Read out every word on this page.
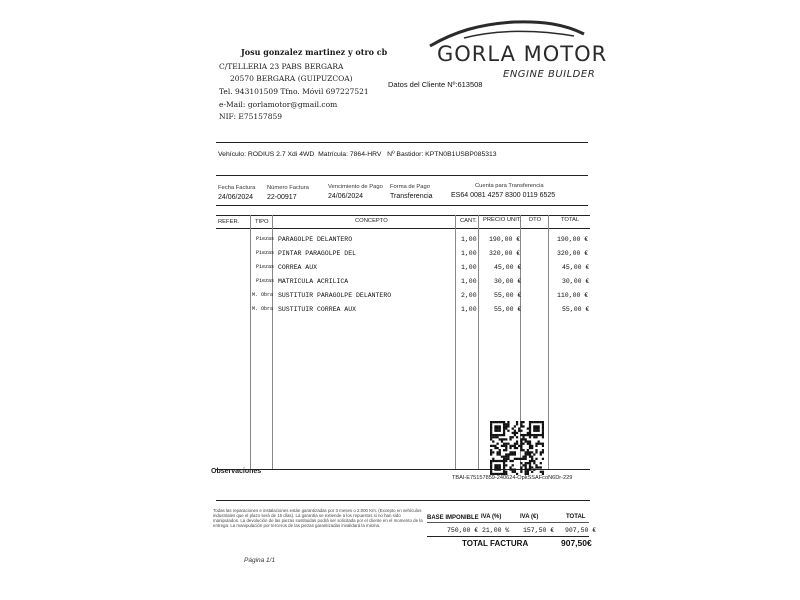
GORLA MOTOR
ENGINE BUILDER
Josu gonzalez martinez y otro cb
C/TELLERIA 23 PABS BERGARA
20570 BERGARA (GUIPUZCOA)
Tel. 943101509 Tfno. Móvil 697227521
e-Mail: gorlamotor@gmail.com
NIF: E75157859
Datos del Cliente Nº:613508
Vehículo: RODIUS 2.7 Xdi 4WD Matrícula: 7864-HRV Nº Bastidor: KPTN0B1USBP085313
Fecha Factura
24/06/2024
Número Factura
22-00917
Vencimiento de Pago
24/06/2024
Forma de Pago
Transferencia
Cuenta para Transferencia
ES64 0081 4257 8300 0119 6525
REFER.	TIPO	CONCEPTO	CANT. PRECIO UNIT. DTO	TOTAL
Piezas PARAGOLPE DELANTERO	1,00 190,00 €	190,00 €
Piezas PINTAR PARAGOLPE DEL	1,00 320,00 €	320,00 €
Piezas CORREA AUX	1,00	45,00 €	45,00 €
Piezas MATRICULA ACRILICA	1,00	30,00 €	30,00 €
M. Obra SUSTITUIR PARAGOLPE DELANTERO	2,00	55,00 €	110,00 €
M. Obra SUSTITUIR CORREA AUX	1,00	55,00 €	55,00 €
TBAI-E75157859-240624-OpkSSAFcoN6Dr-229
Observaciones
Todas las reparaciones e instalaciones están garantizadas por 3 meses o 2.000 Km. (Excepto en vehículos industriales que el plazo será de 15 días). La garantía se extiende a los repuestos si no han sido manipulados. La devolución de las piezas sustituidas podrá ser solicitada por el cliente en el momento de la entrega. La manipulación por terceros de las piezas garantizadas invalidará la misma.
BASE IMPONIBLE IVA (%)	IVA (€)	TOTAL
750,00 € 21,00 % 157,50 € 907,50 €
TOTAL FACTURA	907,50€
Página 1/1
